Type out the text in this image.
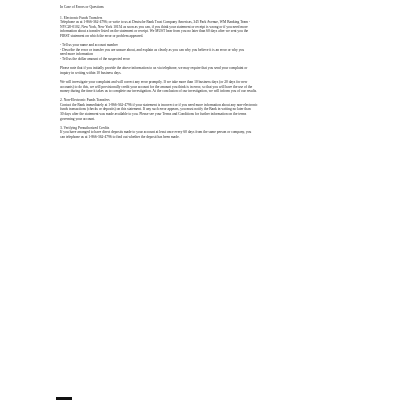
In Case of Errors or Questions
1. Electronic Funds Transfers

Telephone us at 1-866-362-4796; or write to us at Deutsche Bank Trust Company Americas, 345 Park Avenue, WM Banking Team -
NYC20-0102, New York, New York 10154 as soon as you can, if you think your statement or receipt is wrong or if you need more
information about a transfer listed on the statement or receipt. We MUST hear from you no later than 60 days after we sent you the
FIRST statement on which the error or problem appeared.

- Tell us your name and account number
- Describe the error or transfer you are unsure about, and explain as clearly as you can why you believe it is an error or why you
need more information
- Tell us the dollar amount of the suspected error

Please note that if you initially provide the above information to us via telephone, we may require that you send your complaint or
inquiry in writing within 10 business days.

We will investigate your complaint and will correct any error promptly. If we take more than 10 business days (or 20 days for new
accounts) to do this, we will provisionally credit your account for the amount you think is in error, so that you will have the use of the
money during the time it takes us to complete our investigation. At the conclusion of our investigation, we will inform you of our results.

2. Non-Electronic Funds Transfers

Contact the Bank immediately at 1-866-362-4796 if your statement is incorrect or if you need more information about any non-electronic
funds transactions (checks or deposits) on this statement. If any such error appears, you must notify the Bank in writing no later than
30 days after the statement was made available to you. Please see your Terms and Conditions for further information on the terms
governing your account.

3. Verifying Preauthorized Credits

If you have arranged to have direct deposits made to your account at least once every 60 days from the same person or company, you
can telephone us at 1-866-362-4796 to find out whether the deposit has been made.
